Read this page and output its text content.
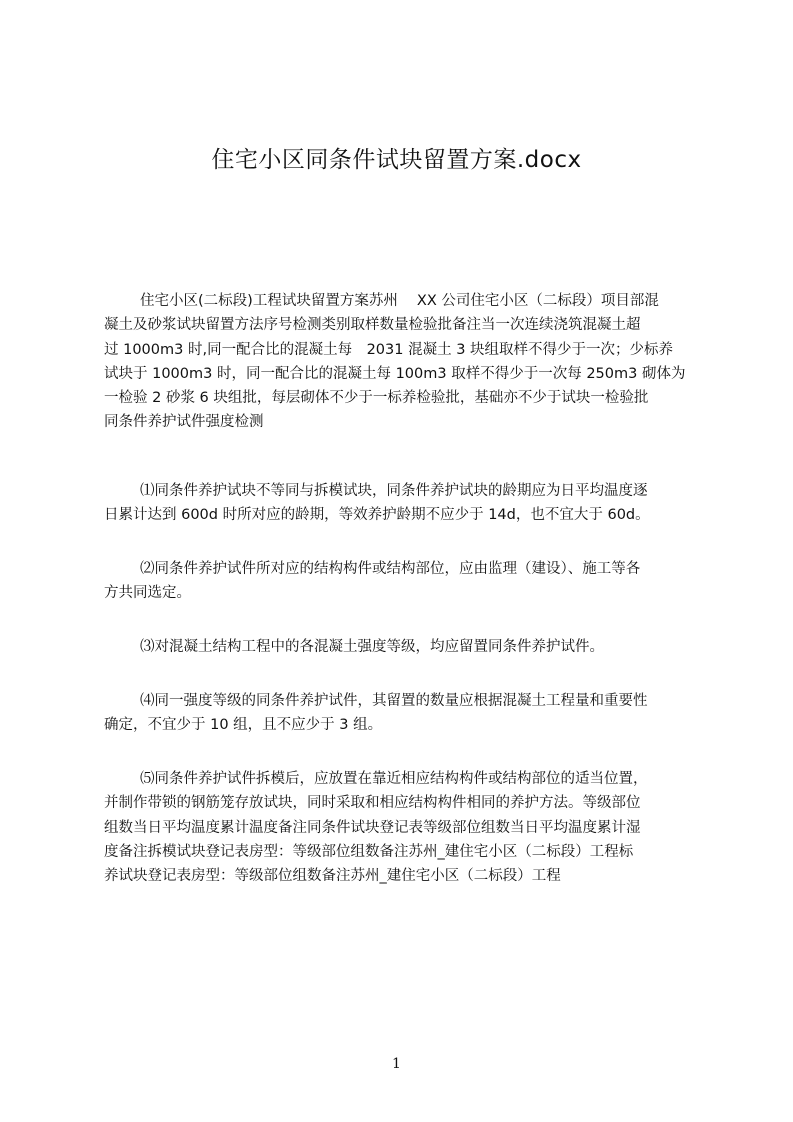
住宅小区同条件试块留置方案.docx
住宅小区(二标段)工程试块留置方案苏州　 XX 公司住宅小区（二标段）项目部混
凝土及砂浆试块留置方法序号检测类别取样数量检验批备注当一次连续浇筑混凝土超
过 1000m3 时,同一配合比的混凝土每　2031 混凝土 3 块组取样不得少于一次；少标养
试块于 1000m3 时，同一配合比的混凝土每 100m3 取样不得少于一次每 250m3 砌体为
一检验 2 砂浆 6 块组批，每层砌体不少于一标养检验批，基础亦不少于试块一检验批
同条件养护试件强度检测
⑴同条件养护试块不等同与拆模试块，同条件养护试块的龄期应为日平均温度逐
日累计达到 600d 时所对应的龄期，等效养护龄期不应少于 14d，也不宜大于 60d。
⑵同条件养护试件所对应的结构构件或结构部位，应由监理（建设）、施工等各
方共同选定。
⑶对混凝土结构工程中的各混凝土强度等级，均应留置同条件养护试件。
⑷同一强度等级的同条件养护试件，其留置的数量应根据混凝土工程量和重要性
确定，不宜少于 10 组，且不应少于 3 组。
⑸同条件养护试件拆模后，应放置在靠近相应结构构件或结构部位的适当位置，
并制作带锁的钢筋笼存放试块，同时采取和相应结构构件相同的养护方法。等级部位
组数当日平均温度累计温度备注同条件试块登记表等级部位组数当日平均温度累计湿
度备注拆模试块登记表房型：等级部位组数备注苏州_建住宅小区（二标段）工程标
养试块登记表房型：等级部位组数备注苏州_建住宅小区（二标段）工程
1
